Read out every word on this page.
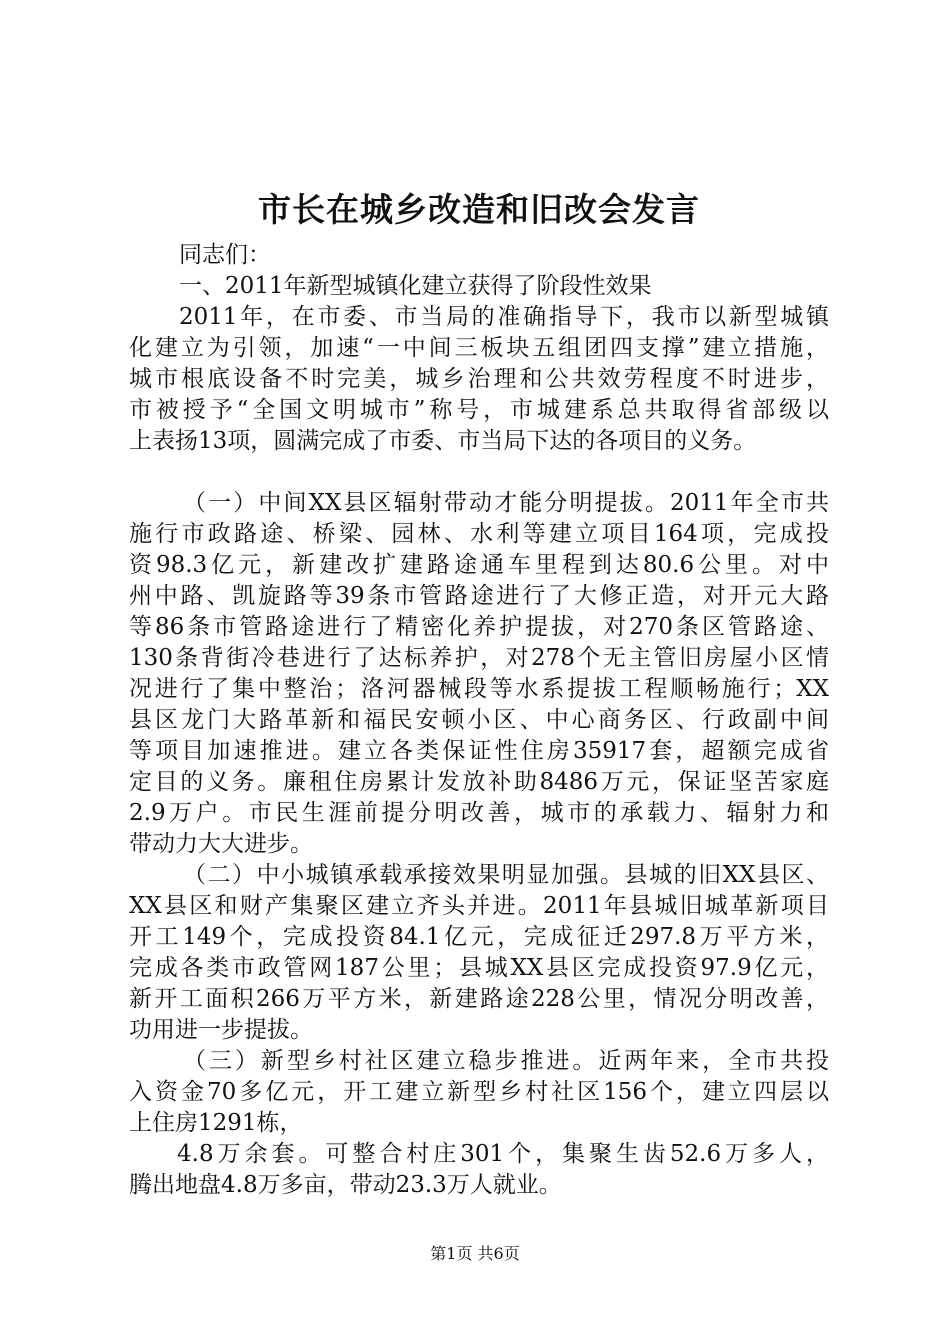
市长在城乡改造和旧改会发言

同志们：

一、2011年新型城镇化建立获得了阶段性效果

2011年，在市委、市当局的准确指导下，我市以新型城镇
化建立为引领，加速“一中间三板块五组团四支撑”建立措施，
城市根底设备不时完美，城乡治理和公共效劳程度不时进步，
市被授予“全国文明城市”称号，市城建系总共取得省部级以
上表扬13项，圆满完成了市委、市当局下达的各项目的义务。
（一）中间XX县区辐射带动才能分明提拔。2011年全市共
施行市政路途、桥梁、园林、水利等建立项目164项，完成投
资98.3亿元，新建改扩建路途通车里程到达80.6公里。对中
州中路、凯旋路等39条市管路途进行了大修正造，对开元大路
等86条市管路途进行了精密化养护提拔，对270条区管路途、
130条背街冷巷进行了达标养护，对278个无主管旧房屋小区情
况进行了集中整治；洛河器械段等水系提拔工程顺畅施行；XX
县区龙门大路革新和福民安顿小区、中心商务区、行政副中间
等项目加速推进。建立各类保证性住房35917套，超额完成省
定目的义务。廉租住房累计发放补助8486万元，保证坚苦家庭
2.9万户。市民生涯前提分明改善，城市的承载力、辐射力和
带动力大大进步。
（二）中小城镇承载承接效果明显加强。县城的旧XX县区、
XX县区和财产集聚区建立齐头并进。2011年县城旧城革新项目
开工149个，完成投资84.1亿元，完成征迁297.8万平方米，
完成各类市政管网187公里；县城XX县区完成投资97.9亿元，
新开工面积266万平方米，新建路途228公里，情况分明改善，
功用进一步提拔。
（三）新型乡村社区建立稳步推进。近两年来，全市共投
入资金70多亿元，开工建立新型乡村社区156个，建立四层以
上住房1291栋，
4.8万余套。可整合村庄301个，集聚生齿52.6万多人，
腾出地盘4.8万多亩，带动23.3万人就业。
第1页 共6页
